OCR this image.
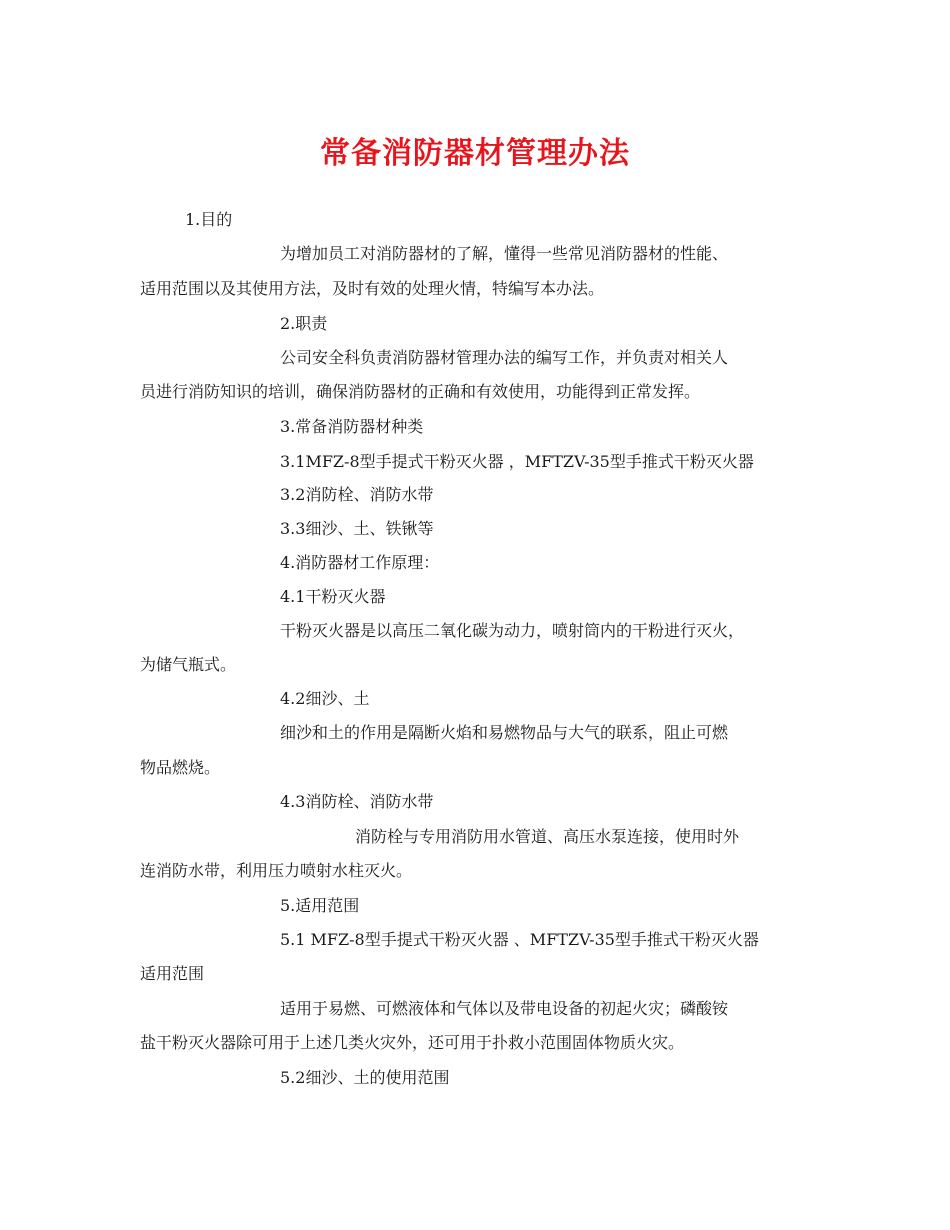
常备消防器材管理办法
1.目的
为增加员工对消防器材的了解，懂得一些常见消防器材的性能、
适用范围以及其使用方法，及时有效的处理火情，特编写本办法。
2.职责
公司安全科负责消防器材管理办法的编写工作，并负责对相关人
员进行消防知识的培训，确保消防器材的正确和有效使用，功能得到正常发挥。
3.常备消防器材种类
3.1MFZ-8型手提式干粉灭火器 ，MFTZV-35型手推式干粉灭火器
3.2消防栓、消防水带
3.3细沙、土、铁锹等
4.消防器材工作原理：
4.1干粉灭火器
干粉灭火器是以高压二氧化碳为动力，喷射筒内的干粉进行灭火，
为储气瓶式。
4.2细沙、土
细沙和土的作用是隔断火焰和易燃物品与大气的联系，阻止可燃
物品燃烧。
4.3消防栓、消防水带
消防栓与专用消防用水管道、高压水泵连接，使用时外
连消防水带，利用压力喷射水柱灭火。
5.适用范围
5.1 MFZ-8型手提式干粉灭火器 、MFTZV-35型手推式干粉灭火器
适用范围
适用于易燃、可燃液体和气体以及带电设备的初起火灾；磷酸铵
盐干粉灭火器除可用于上述几类火灾外，还可用于扑救小范围固体物质火灾。
5.2细沙、土的使用范围
